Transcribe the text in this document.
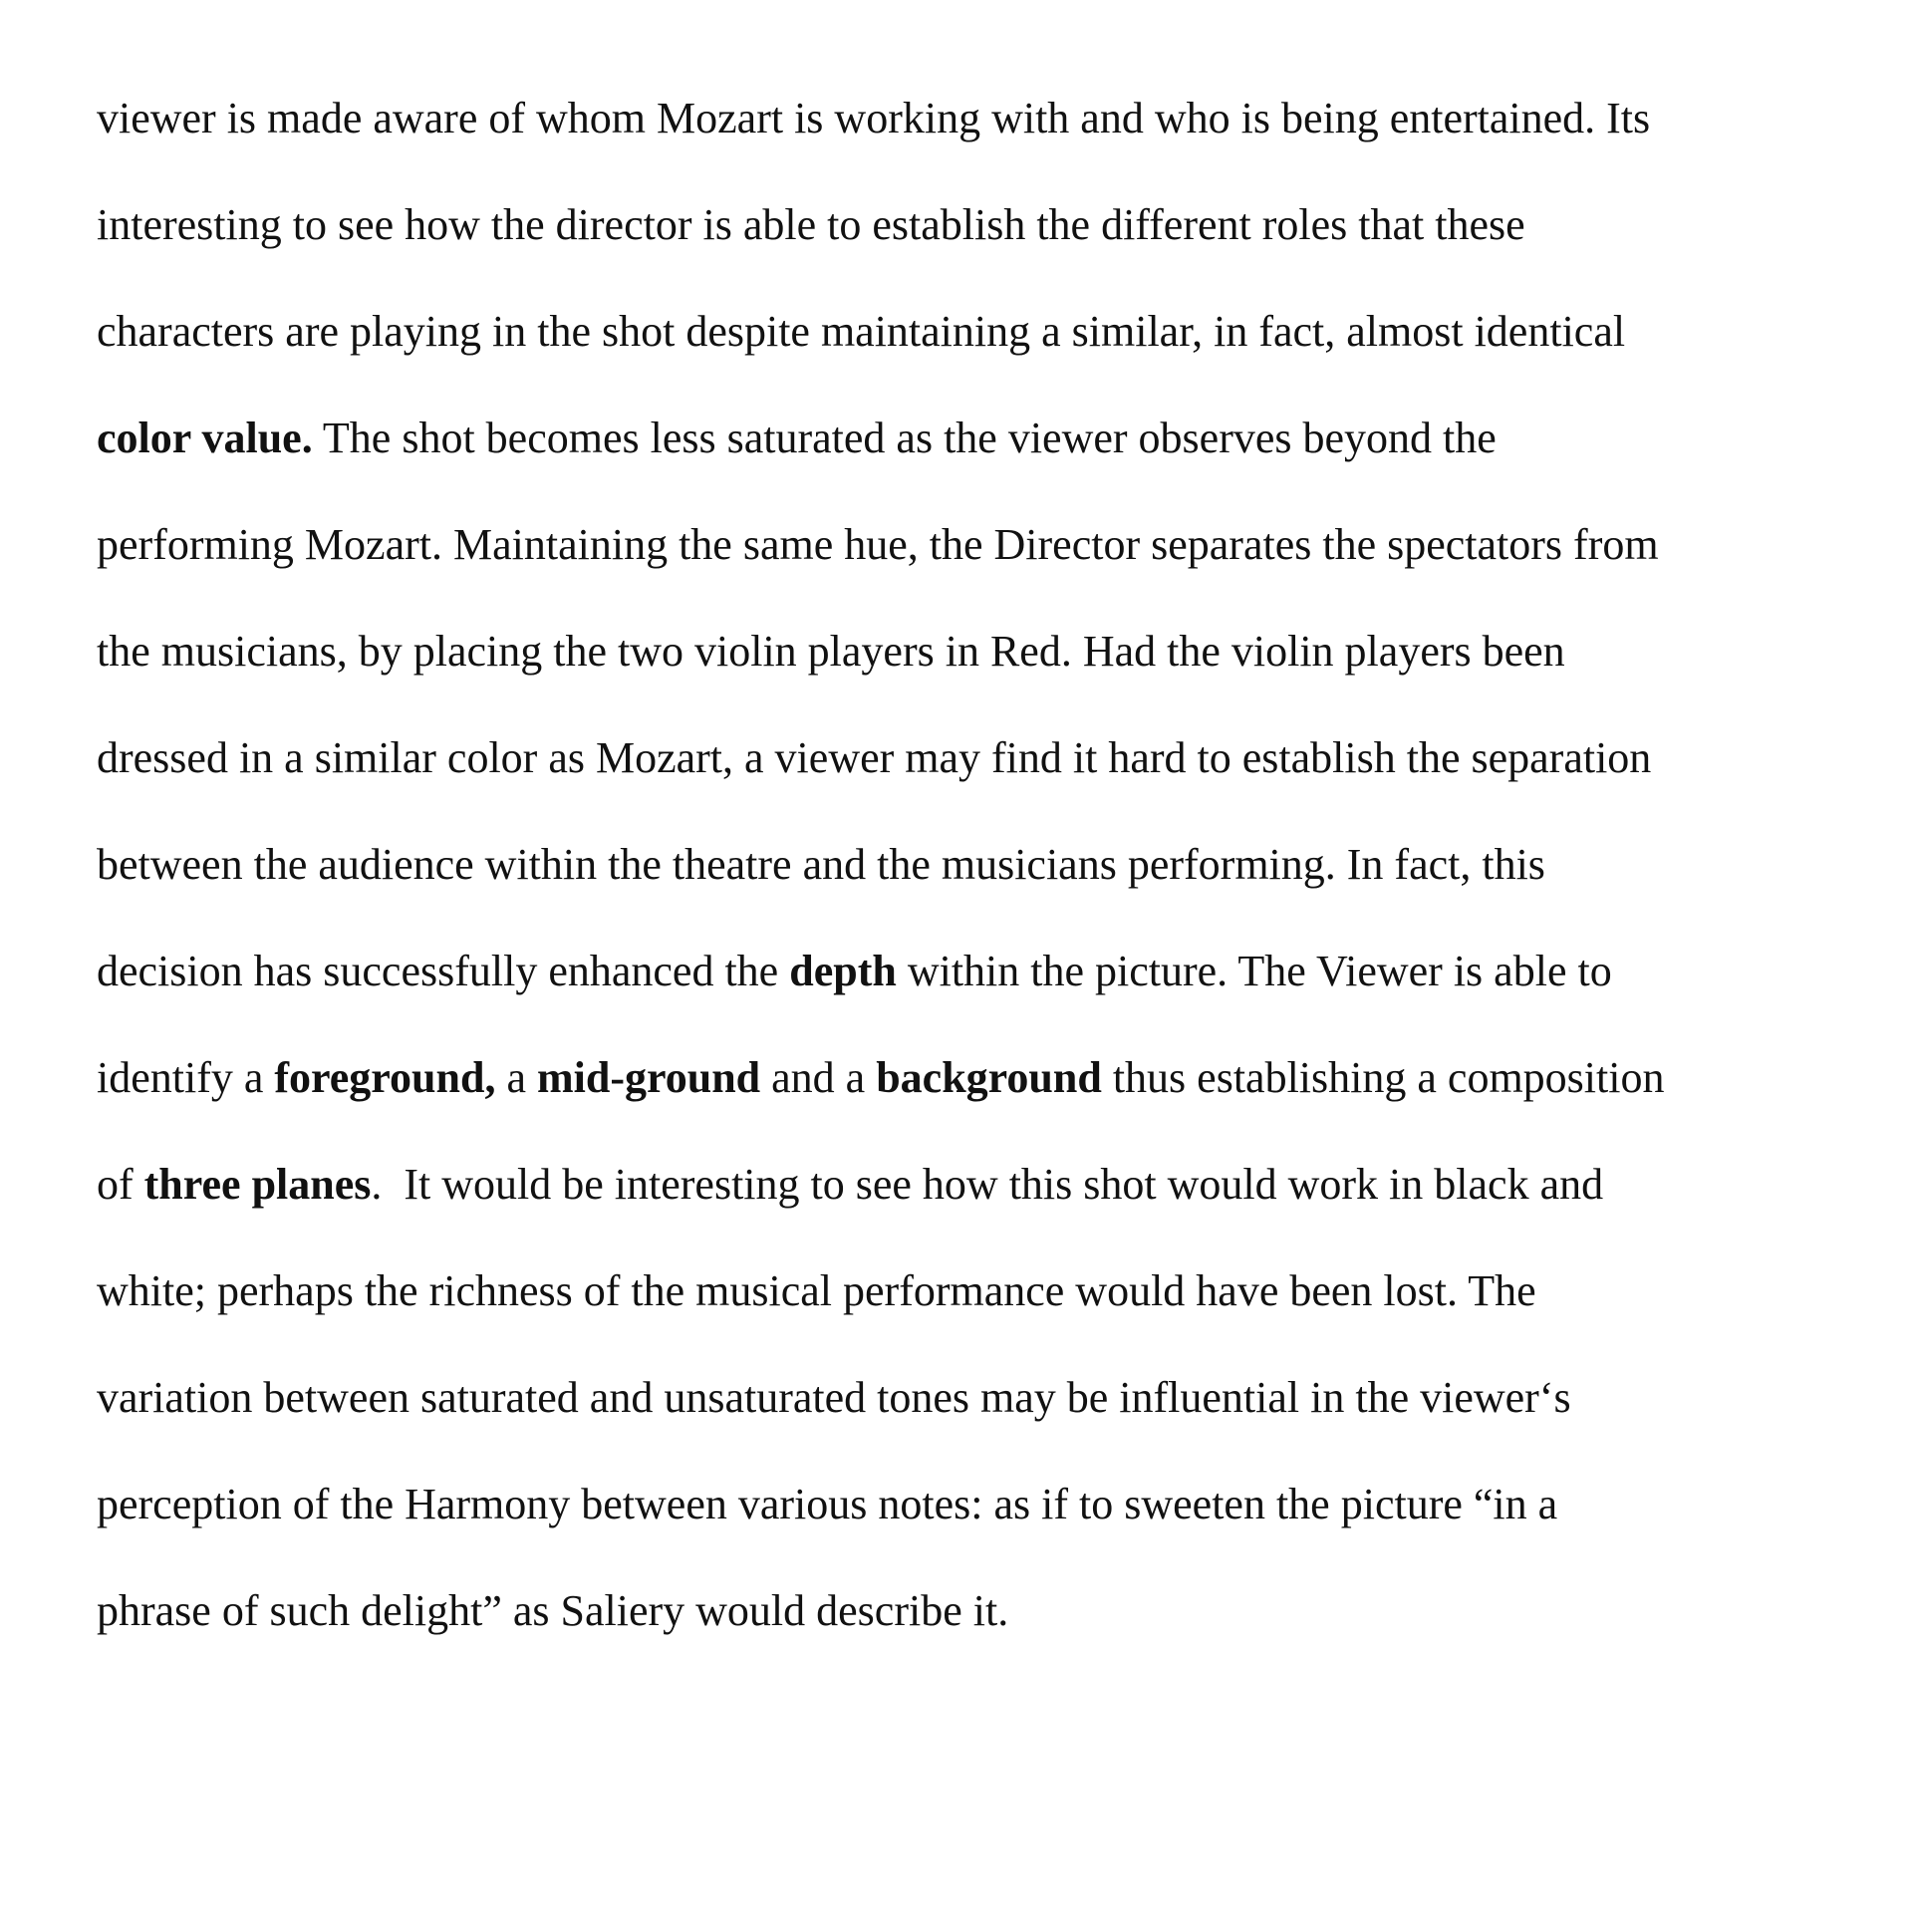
viewer is made aware of whom Mozart is working with and who is being entertained. Its
interesting to see how the director is able to establish the different roles that these
characters are playing in the shot despite maintaining a similar, in fact, almost identical
color value. The shot becomes less saturated as the viewer observes beyond the
performing Mozart. Maintaining the same hue, the Director separates the spectators from
the musicians, by placing the two violin players in Red. Had the violin players been
dressed in a similar color as Mozart, a viewer may find it hard to establish the separation
between the audience within the theatre and the musicians performing. In fact, this
decision has successfully enhanced the depth within the picture. The Viewer is able to
identify a foreground, a mid-ground and a background thus establishing a composition
of three planes.  It would be interesting to see how this shot would work in black and
white; perhaps the richness of the musical performance would have been lost. The
variation between saturated and unsaturated tones may be influential in the viewer‘s
perception of the Harmony between various notes: as if to sweeten the picture “in a
phrase of such delight” as Saliery would describe it.
